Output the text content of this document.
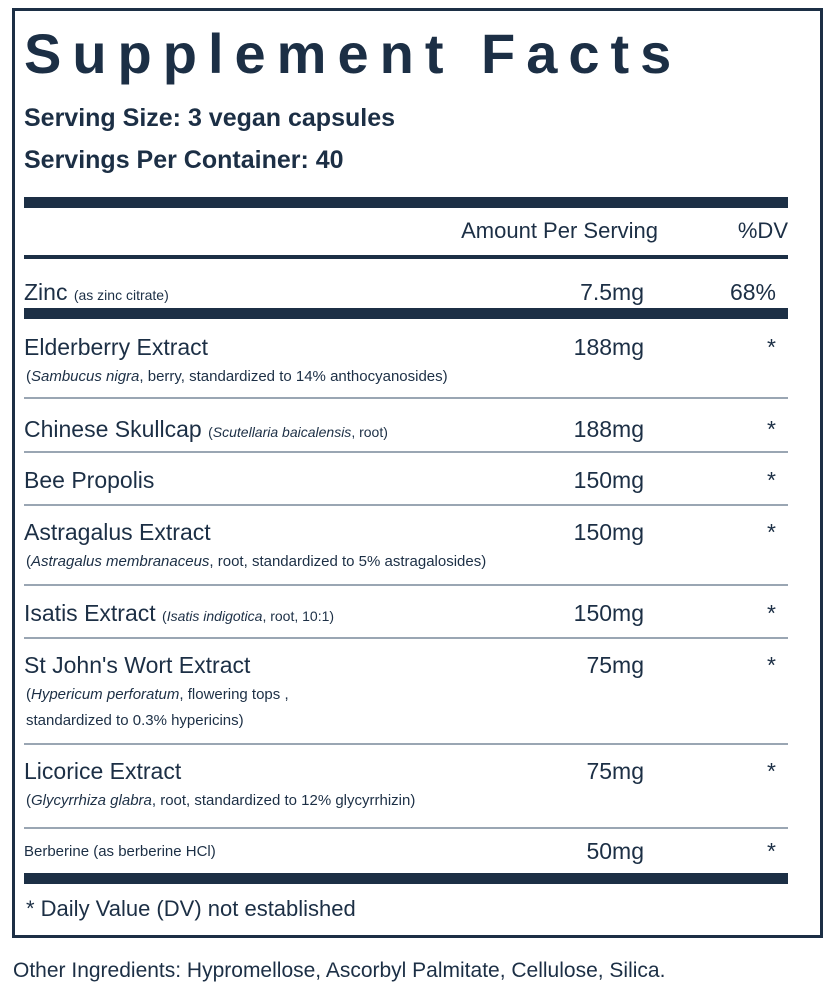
Supplement Facts
Serving Size: 3 vegan capsules
Servings Per Container: 40
Amount Per Serving	%DV
Zinc (as zinc citrate)	7.5mg	68%
Elderberry Extract
(Sambucus nigra, berry, standardized to 14% anthocyanosides)
188mg	*
Chinese Skullcap (Scutellaria baicalensis, root)	188mg	*
Bee Propolis	150mg	*
Astragalus Extract
(Astragalus membranaceus, root, standardized to 5% astragalosides)
150mg	*
Isatis Extract (Isatis indigotica, root, 10:1)	150mg	*
St John's Wort Extract
(Hypericum perforatum, flowering tops ,
standardized to 0.3% hypericins)
75mg	*
Licorice Extract
(Glycyrrhiza glabra, root, standardized to 12% glycyrrhizin)
75mg	*
Berberine (as berberine HCl)	50mg	*
* Daily Value (DV) not established
Other Ingredients: Hypromellose, Ascorbyl Palmitate, Cellulose, Silica.
